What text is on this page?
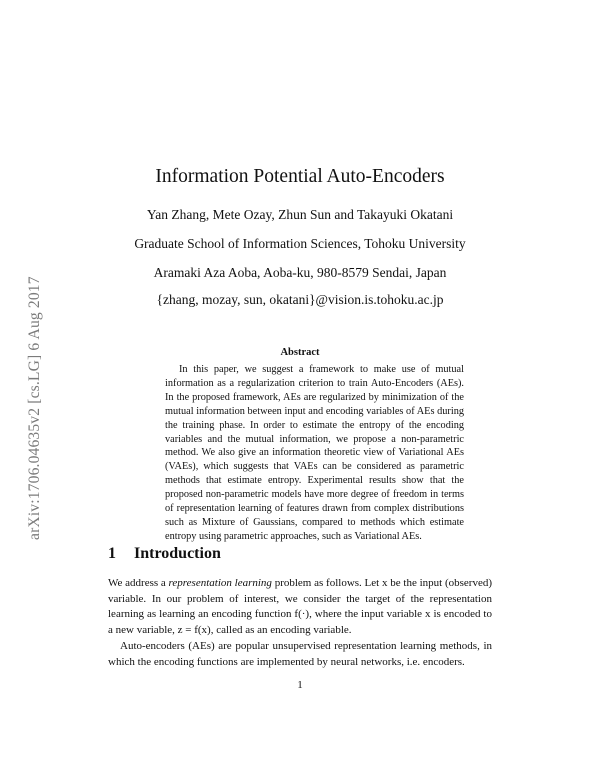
arXiv:1706.04635v2 [cs.LG] 6 Aug 2017
Information Potential Auto-Encoders
Yan Zhang, Mete Ozay, Zhun Sun and Takayuki Okatani
Graduate School of Information Sciences, Tohoku University
Aramaki Aza Aoba, Aoba-ku, 980-8579 Sendai, Japan
{zhang, mozay, sun, okatani}@vision.is.tohoku.ac.jp
Abstract

In this paper, we suggest a framework to make use of mutual information as a regularization criterion to train Auto-Encoders (AEs). In the proposed framework, AEs are regularized by minimization of the mutual information between input and encoding variables of AEs during the training phase. In order to estimate the entropy of the encoding variables and the mutual information, we propose a non-parametric method. We also give an information theoretic view of Variational AEs (VAEs), which suggests that VAEs can be considered as parametric methods that estimate entropy. Experimental results show that the proposed non-parametric models have more degree of freedom in terms of representation learning of features drawn from complex distributions such as Mixture of Gaussians, compared to methods which estimate entropy using parametric approaches, such as Variational AEs.

1 Introduction

We address a representation learning problem as follows. Let x be the input (observed) variable. In our problem of interest, we consider the target of the representation learning as learning an encoding function f(·), where the input variable x is encoded to a new variable, z = f(x), called as an encoding variable.

Auto-encoders (AEs) are popular unsupervised representation learning methods, in which the encoding functions are implemented by neural networks, i.e. encoders.

1
